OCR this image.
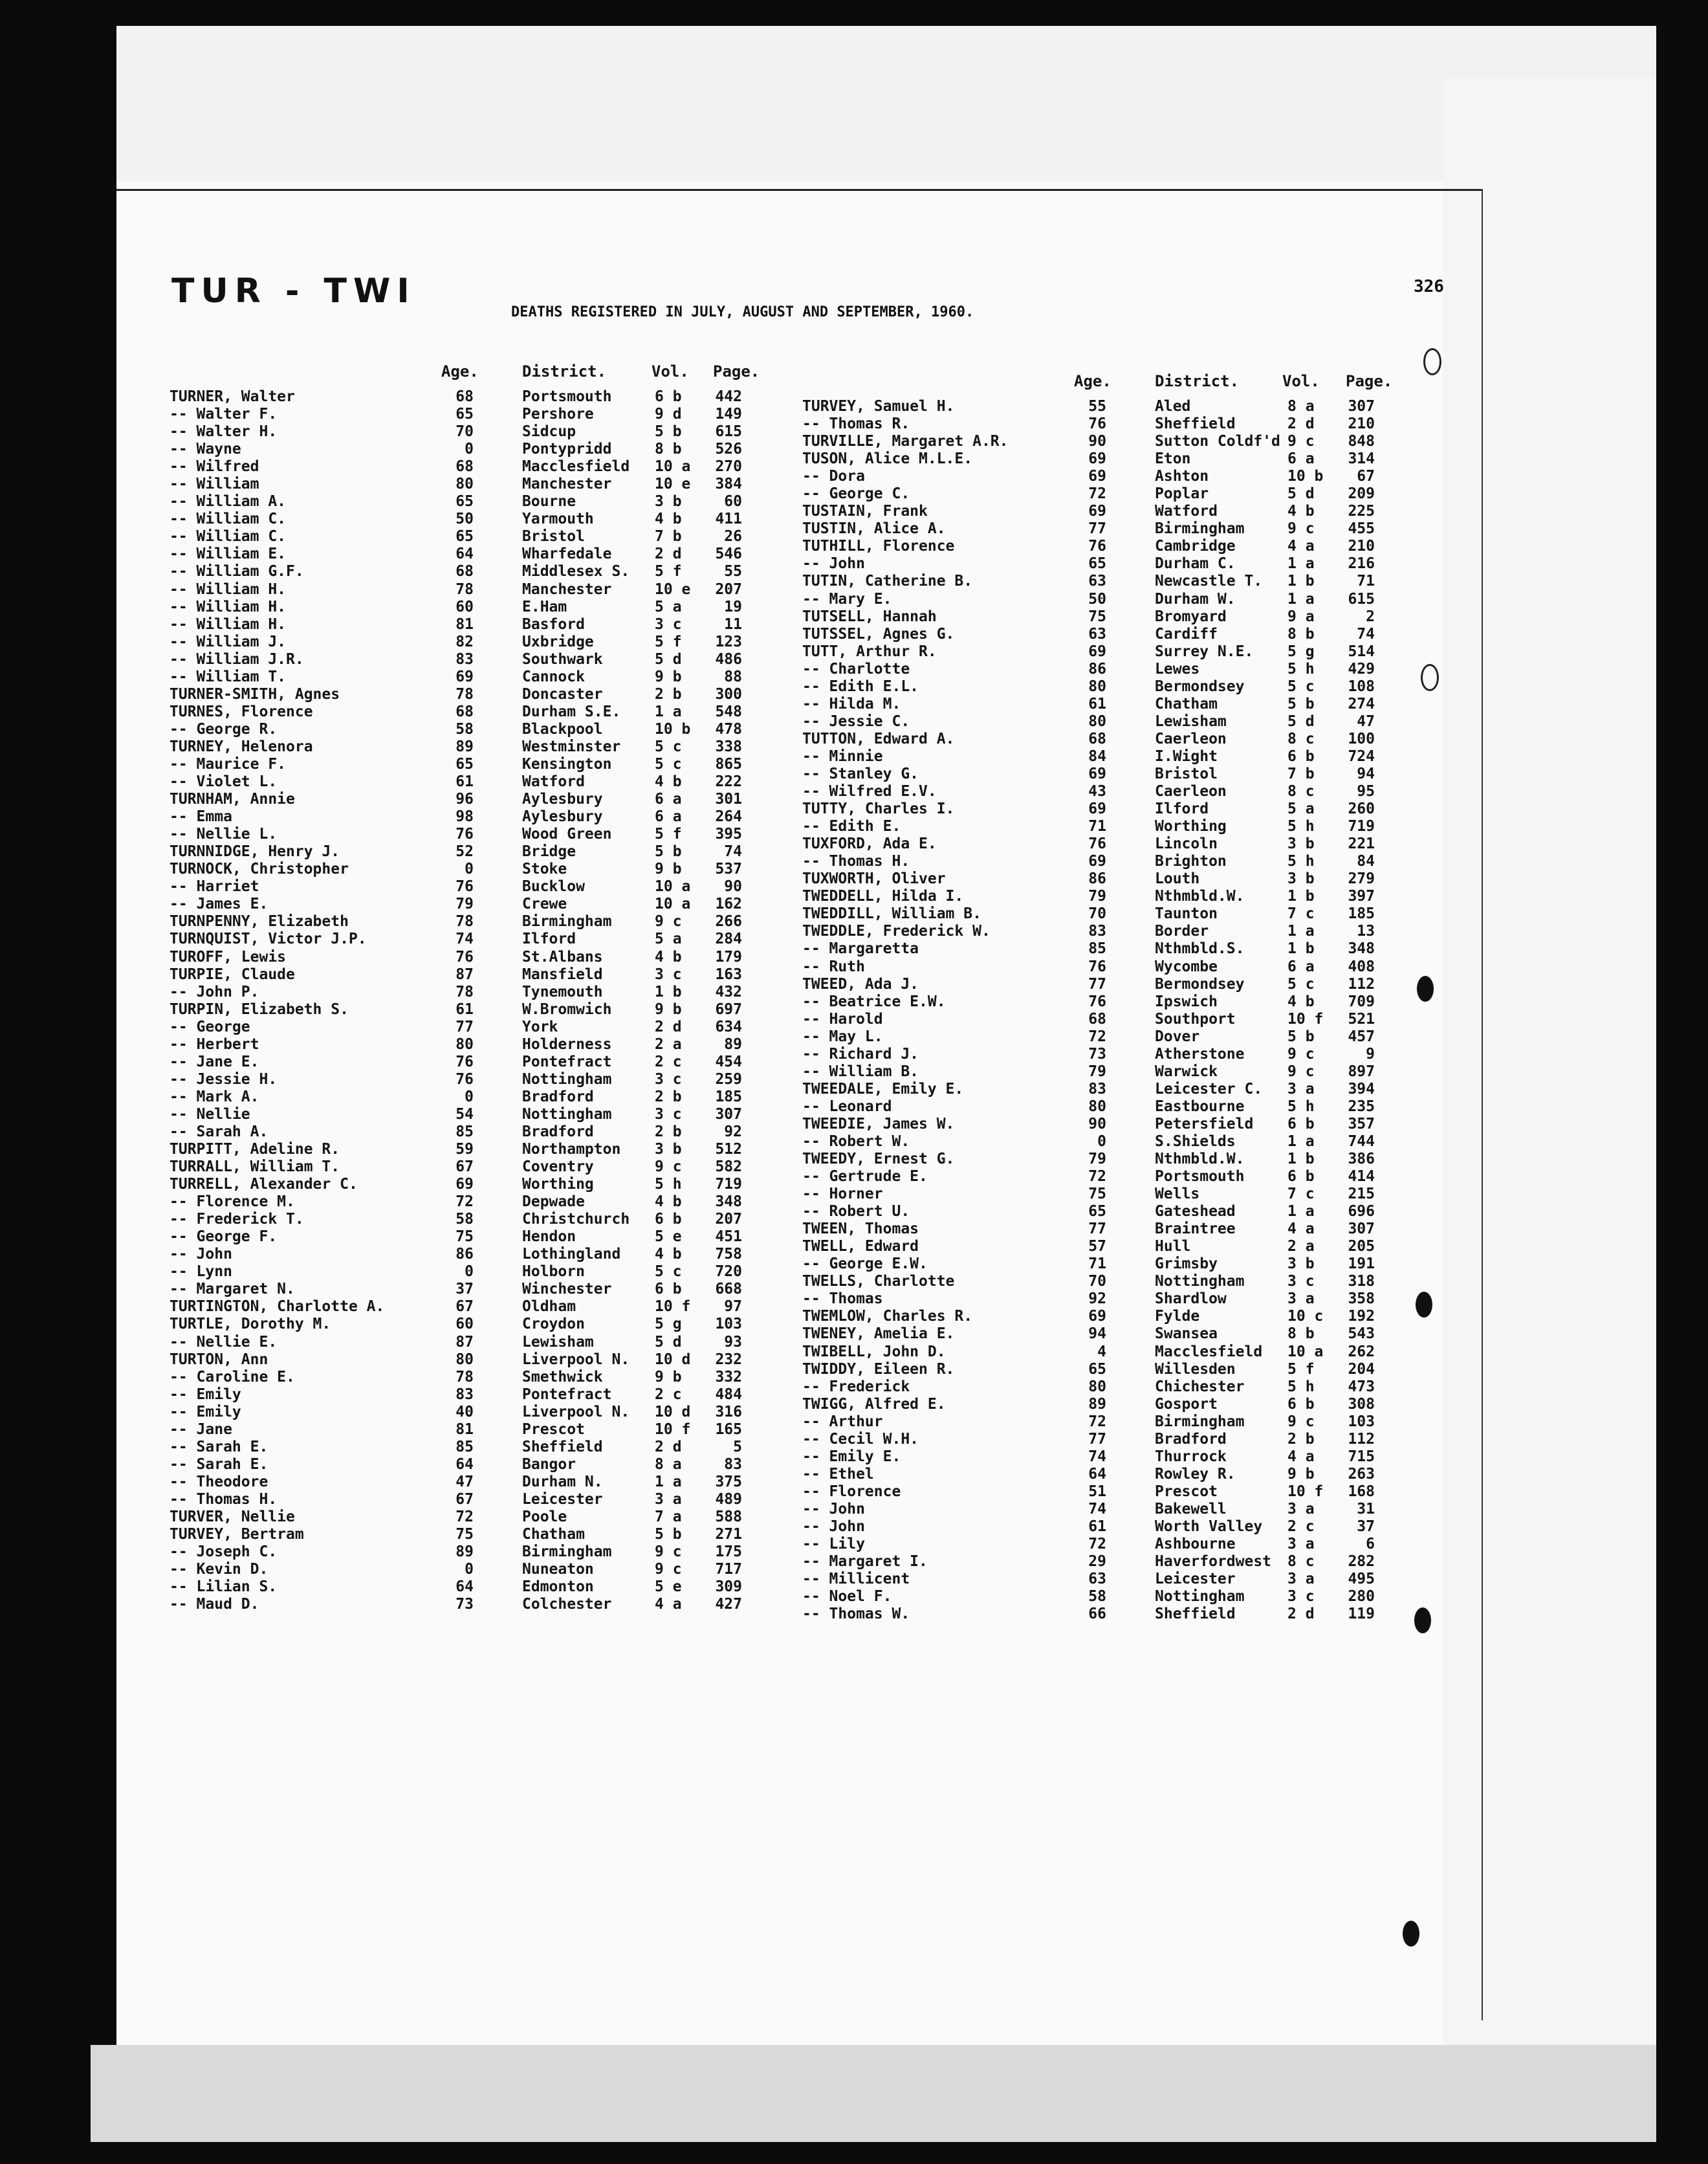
TUR - TWI
DEATHS REGISTERED IN JULY, AUGUST AND SEPTEMBER, 1960.
326
Age.	District.	Vol. Page.
TURNER, Walter	68	Portsmouth	6 b	442
-- Walter F.	65	Pershore	9 d	149
-- Walter H.	70	Sidcup	5 b	615
-- Wayne	0	Pontypridd	8 b	526
-- Wilfred	68	Macclesfield 10 a	270
-- William	80	Manchester	10 e	384
-- William A.	65	Bourne	3 b	60
-- William C.	50	Yarmouth	4 b	411
-- William C.	65	Bristol	7 b	26
-- William E.	64	Wharfedale	2 d	546
-- William G.F.	68	Middlesex S. 5 f	55
-- William H.	78	Manchester	10 e	207
-- William H.	60	E.Ham	5 a	19
-- William H.	81	Basford	3 c	11
-- William J.	82	Uxbridge	5 f	123
-- William J.R.	83	Southwark	5 d	486
-- William T.	69	Cannock	9 b	88
TURNER-SMITH, Agnes	78	Doncaster	2 b	300
TURNES, Florence	68	Durham S.E. 1 a	548
-- George R.	58	Blackpool	10 b	478
TURNEY, Helenora	89	Westminster 5 c	338
-- Maurice F.	65	Kensington	5 c	865
-- Violet L.	61	Watford	4 b	222
TURNHAM, Annie	96	Aylesbury	6 a	301
-- Emma	98	Aylesbury	6 a	264
-- Nellie L.	76	Wood Green	5 f	395
TURNNIDGE, Henry J.	52	Bridge	5 b	74
TURNOCK, Christopher	0	Stoke	9 b	537
-- Harriet	76	Bucklow	10 a	90
-- James E.	79	Crewe	10 a	162
TURNPENNY, Elizabeth	78	Birmingham	9 c	266
TURNQUIST, Victor J.P.	74	Ilford	5 a	284
TUROFF, Lewis	76	St.Albans	4 b	179
TURPIE, Claude	87	Mansfield	3 c	163
-- John P.	78	Tynemouth	1 b	432
TURPIN, Elizabeth S.	61	W.Bromwich	9 b	697
-- George	77	York	2 d	634
-- Herbert	80	Holderness	2 a	89
-- Jane E.	76	Pontefract	2 c	454
-- Jessie H.	76	Nottingham	3 c	259
-- Mark A.	0	Bradford	2 b	185
-- Nellie	54	Nottingham	3 c	307
-- Sarah A.	85	Bradford	2 b	92
TURPITT, Adeline R.	59	Northampton 3 b	512
TURRALL, William T.	67	Coventry	9 c	582
TURRELL, Alexander C.	69	Worthing	5 h	719
-- Florence M.	72	Depwade	4 b	348
-- Frederick T.	58	Christchurch 6 b	207
-- George F.	75	Hendon	5 e	451
-- John	86	Lothingland 4 b	758
-- Lynn	0	Holborn	5 c	720
-- Margaret N.	37	Winchester	6 b	668
TURTINGTON, Charlotte A.	67	Oldham	10 f	97
TURTLE, Dorothy M.	60	Croydon	5 g	103
-- Nellie E.	87	Lewisham	5 d	93
TURTON, Ann	80	Liverpool N. 10 d	232
-- Caroline E.	78	Smethwick	9 b	332
-- Emily	83	Pontefract	2 c	484
-- Emily	40	Liverpool N. 10 d	316
-- Jane	81	Prescot	10 f	165
-- Sarah E.	85	Sheffield	2 d	5
-- Sarah E.	64	Bangor	8 a	83
-- Theodore	47	Durham N.	1 a	375
-- Thomas H.	67	Leicester	3 a	489
TURVER, Nellie	72	Poole	7 a	588
TURVEY, Bertram	75	Chatham	5 b	271
-- Joseph C.	89	Birmingham	9 c	175
-- Kevin D.	0	Nuneaton	9 c	717
-- Lilian S.	64	Edmonton	5 e	309
-- Maud D.	73	Colchester	4 a	427
Age.	District.	Vol. Page.
TURVEY, Samuel H.	55	Aled	8 a	307
-- Thomas R.	76	Sheffield	2 d	210
TURVILLE, Margaret A.R.	90	Sutton Coldf'd 9 c	848
TUSON, Alice M.L.E.	69	Eton	6 a	314
-- Dora	69	Ashton	10 b	67
-- George C.	72	Poplar	5 d	209
TUSTAIN, Frank	69	Watford	4 b	225
TUSTIN, Alice A.	77	Birmingham	9 c	455
TUTHILL, Florence	76	Cambridge	4 a	210
-- John	65	Durham C.	1 a	216
TUTIN, Catherine B.	63	Newcastle T. 1 b	71
-- Mary E.	50	Durham W.	1 a	615
TUTSELL, Hannah	75	Bromyard	9 a	2
TUTSSEL, Agnes G.	63	Cardiff	8 b	74
TUTT, Arthur R.	69	Surrey N.E. 5 g	514
-- Charlotte	86	Lewes	5 h	429
-- Edith E.L.	80	Bermondsey	5 c	108
-- Hilda M.	61	Chatham	5 b	274
-- Jessie C.	80	Lewisham	5 d	47
TUTTON, Edward A.	68	Caerleon	8 c	100
-- Minnie	84	I.Wight	6 b	724
-- Stanley G.	69	Bristol	7 b	94
-- Wilfred E.V.	43	Caerleon	8 c	95
TUTTY, Charles I.	69	Ilford	5 a	260
-- Edith E.	71	Worthing	5 h	719
TUXFORD, Ada E.	76	Lincoln	3 b	221
-- Thomas H.	69	Brighton	5 h	84
TUXWORTH, Oliver	86	Louth	3 b	279
TWEDDELL, Hilda I.	79	Nthmbld.W.	1 b	397
TWEDDILL, William B.	70	Taunton	7 c	185
TWEDDLE, Frederick W.	83	Border	1 a	13
-- Margaretta	85	Nthmbld.S.	1 b	348
-- Ruth	76	Wycombe	6 a	408
TWEED, Ada J.	77	Bermondsey	5 c	112
-- Beatrice E.W.	76	Ipswich	4 b	709
-- Harold	68	Southport	10 f	521
-- May L.	72	Dover	5 b	457
-- Richard J.	73	Atherstone	9 c	9
-- William B.	79	Warwick	9 c	897
TWEEDALE, Emily E.	83	Leicester C. 3 a	394
-- Leonard	80	Eastbourne	5 h	235
TWEEDIE, James W.	90	Petersfield 6 b	357
-- Robert W.	0	S.Shields	1 a	744
TWEEDY, Ernest G.	79	Nthmbld.W.	1 b	386
-- Gertrude E.	72	Portsmouth	6 b	414
-- Horner	75	Wells	7 c	215
-- Robert U.	65	Gateshead	1 a	696
TWEEN, Thomas	77	Braintree	4 a	307
TWELL, Edward	57	Hull	2 a	205
-- George E.W.	71	Grimsby	3 b	191
TWELLS, Charlotte	70	Nottingham	3 c	318
-- Thomas	92	Shardlow	3 a	358
TWEMLOW, Charles R.	69	Fylde	10 c	192
TWENEY, Amelia E.	94	Swansea	8 b	543
TWIBELL, John D.	4	Macclesfield 10 a	262
TWIDDY, Eileen R.	65	Willesden	5 f	204
-- Frederick	80	Chichester	5 h	473
TWIGG, Alfred E.	89	Gosport	6 b	308
-- Arthur	72	Birmingham	9 c	103
-- Cecil W.H.	77	Bradford	2 b	112
-- Emily E.	74	Thurrock	4 a	715
-- Ethel	64	Rowley R.	9 b	263
-- Florence	51	Prescot	10 f	168
-- John	74	Bakewell	3 a	31
-- John	61	Worth Valley 2 c	37
-- Lily	72	Ashbourne	3 a	6
-- Margaret I.	29	Haverfordwest 8 c	282
-- Millicent	63	Leicester	3 a	495
-- Noel F.	58	Nottingham	3 c	280
-- Thomas W.	66	Sheffield	2 d	119
